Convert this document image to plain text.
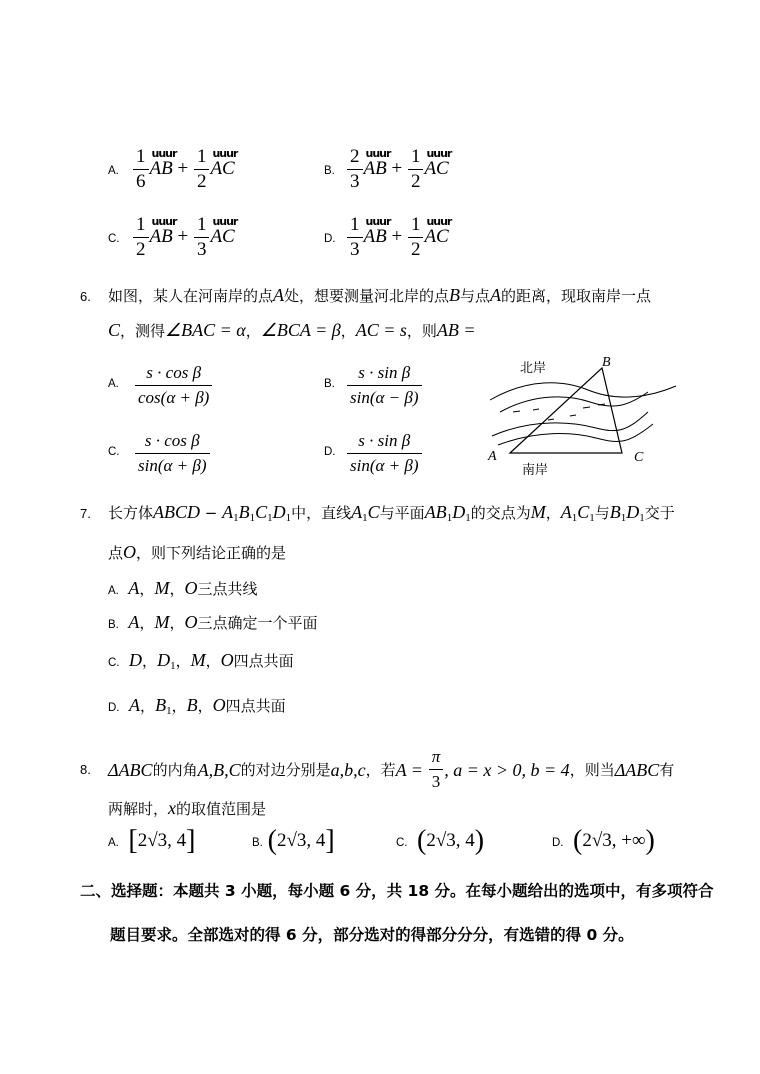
A. $\frac{1}{6}$ uuur
AB + $\frac{1}{2}$ uuur
AC	B. $\frac{2}{3}$ uuur
AB + $\frac{1}{2}$ uuur
AC
C. $\frac{1}{2}$ uuur
AB + $\frac{1}{3}$ uuur
AC	D. $\frac{1}{3}$ uuur
AB + $\frac{1}{2}$ uuur
AC
6. 如图，某人在河南岸的点A处，想要测量河北岸的点B与点A的距离，现取南岸一点
C，测得∠BAC = α，∠BCA = β，AC = s，则AB =
A. $\frac{\text{s · cos β}}{\cos(\alpha + \beta)}$	B. $\frac{\text{s · sin β}}{\sin(\alpha - \beta)}$
C. $\frac{\text{s · cos β}}{\sin(\alpha + \beta)}$	D. $\frac{\text{s · sin β}}{\sin(\alpha + \beta)}$
北岸
南岸
A
B
C
7. 长方体ABCD − $A_1B_1C_1D_1$中，直线$A_1C$与平面$AB_1D_1$的交点为M，$A_1C_1$与$B_1D_1$交于
点O，则下列结论正确的是
A. A，M，O三点共线
B. A，M，O三点确定一个平面
C. D，$D_1$，M，O四点共面
D. A，$B_1$，B，O四点共面
8. ΔABC 的内角 A,B,C 的对边分别是 a,b,c ，若 A =
$\frac{\pi}{3}$ , a = x > 0, b = 4 ，则当 ΔABC 有
两解时，x的取值范围是
A. [2√3, 4]	B. (2√3, 4]	C. (2√3, 4)	D. (2√3, +∞)
二、选择题：本题共 3 小题，每小题 6 分，共 18 分。在每小题给出的选项中，有多项符合
题目要求。全部选对的得 6 分，部分选对的得部分分分，有选错的得 0 分。
